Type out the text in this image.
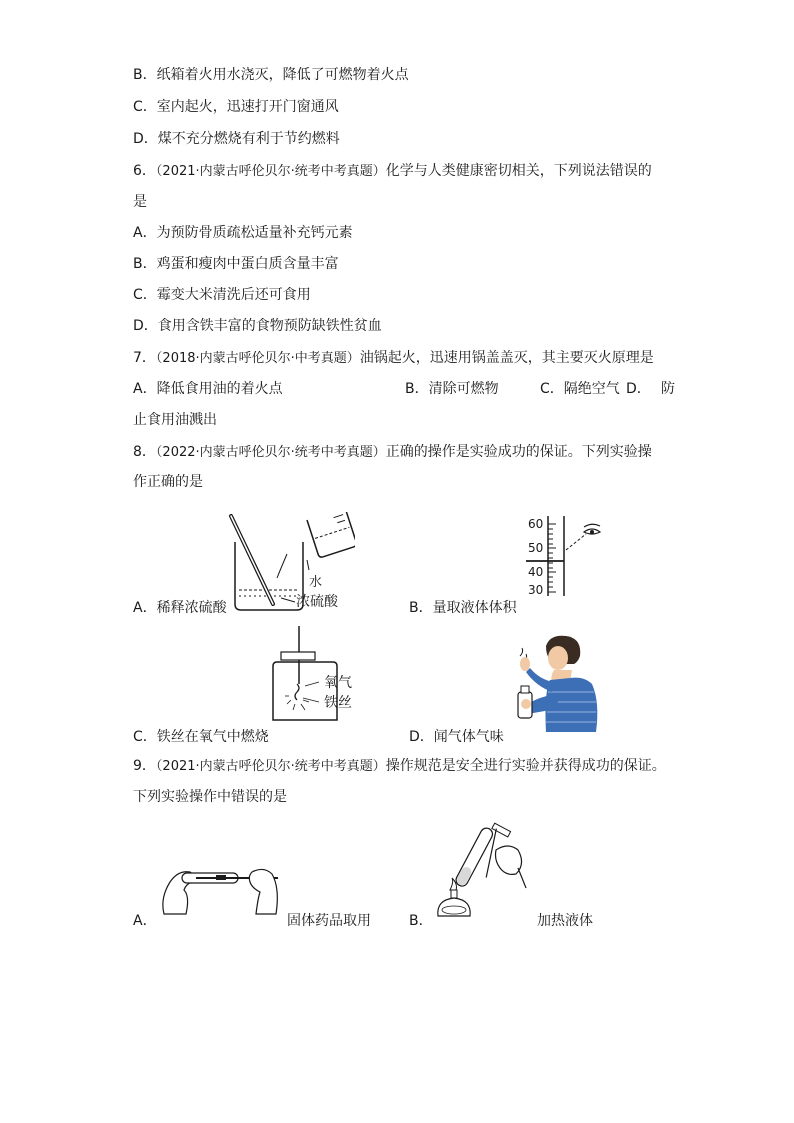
B．纸箱着火用水浇灭，降低了可燃物着火点
C．室内起火，迅速打开门窗通风
D．煤不充分燃烧有利于节约燃料
6．（2021·内蒙古呼伦贝尔·统考中考真题）化学与人类健康密切相关，下列说法错误的
是
A．为预防骨质疏松适量补充钙元素
B．鸡蛋和瘦肉中蛋白质含量丰富
C．霉变大米清洗后还可食用
D．食用含铁丰富的食物预防缺铁性贫血
7．（2018·内蒙古呼伦贝尔·中考真题）油锅起火，迅速用锅盖盖灭，其主要灭火原理是
A．降低食用油的着火点	B．清除可燃物	C．隔绝空气 D． 防
止食用油溅出
8．（2022·内蒙古呼伦贝尔·统考中考真题）正确的操作是实验成功的保证。下列实验操
作正确的是
水
浓硫酸
A．稀释浓硫酸
60
50
40
30
B．量取液体体积
氧气
铁丝
C．铁丝在氧气中燃烧	D．闻气体气味
9．（2021·内蒙古呼伦贝尔·统考中考真题）操作规范是安全进行实验并获得成功的保证。
下列实验操作中错误的是
A．	固体药品取用	B．	加热液体
